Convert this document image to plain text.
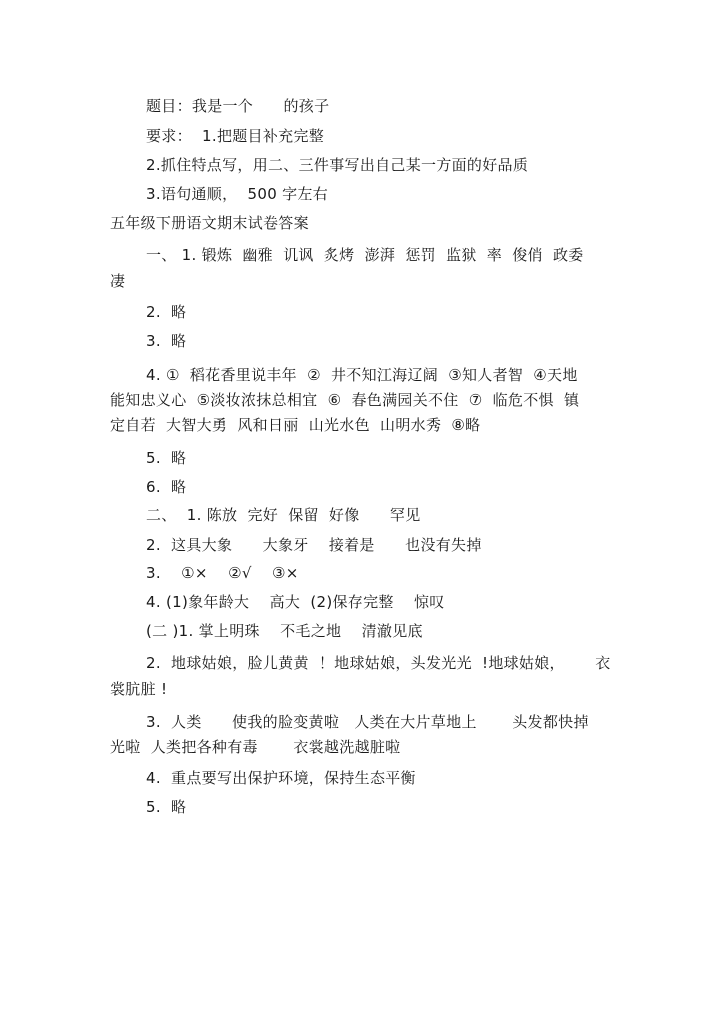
题目：我是一个      的孩子
要求：  1.把题目补充完整
2.抓住特点写，用二、三件事写出自己某一方面的好品质
3.语句通顺，  500 字左右
五年级下册语文期末试卷答案
一、 1. 锻炼  幽雅  讥讽  炙烤  澎湃  惩罚  监狱  率  俊俏  政委
凄
2.  略
3.  略
4. ①  稻花香里说丰年  ②  井不知江海辽阔  ③知人者智  ④天地
能知忠义心  ⑤淡妆浓抹总相宜  ⑥  春色满园关不住  ⑦  临危不惧  镇
定自若  大智大勇  风和日丽  山光水色  山明水秀  ⑧略
5.  略
6.  略
二、  1. 陈放  完好  保留  好像      罕见
2.  这具大象      大象牙    接着是      也没有失掉
3.    ①×    ②√    ③×
4. (1)象年龄大    高大  (2)保存完整    惊叹
(二 )1. 掌上明珠    不毛之地    清澈见底
2.  地球姑娘，脸儿黄黄  ！地球姑娘，头发光光  !地球姑娘，      衣
裳肮脏 !
3.  人类      使我的脸变黄啦   人类在大片草地上       头发都快掉
光啦  人类把各种有毒       衣裳越洗越脏啦
4.  重点要写出保护环境，保持生态平衡
5.  略
